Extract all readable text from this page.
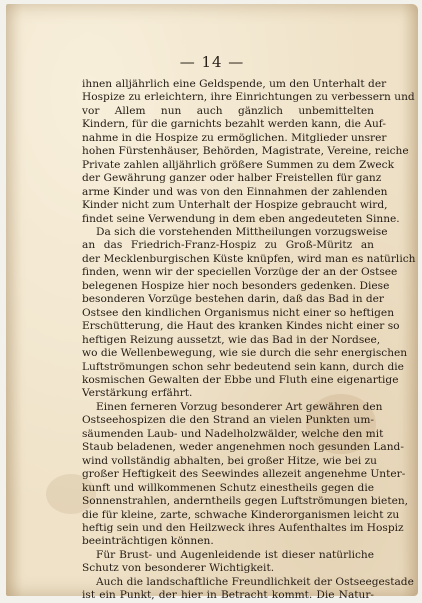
— 14 —
ihnen alljährlich eine Geldspende, um den Unterhalt der
Hospize zu erleichtern, ihre Einrichtungen zu verbessern und
vor Allem nun auch gänzlich unbemittelten
Kindern, für die garnichts bezahlt werden kann, die Auf-
nahme in die Hospize zu ermöglichen. Mitglieder unsrer
hohen Fürstenhäuser, Behörden, Magistrate, Vereine, reiche
Private zahlen alljährlich größere Summen zu dem Zweck
der Gewährung ganzer oder halber Freistellen für ganz
arme Kinder und was von den Einnahmen der zahlenden
Kinder nicht zum Unterhalt der Hospize gebraucht wird,
findet seine Verwendung in dem eben angedeuteten Sinne.
Da sich die vorstehenden Mittheilungen vorzugsweise
an das Friedrich-Franz-Hospiz zu Groß-Müritz an
der Mecklenburgischen Küste knüpfen, wird man es natürlich
finden, wenn wir der speciellen Vorzüge der an der Ostsee
belegenen Hospize hier noch besonders gedenken. Diese
besonderen Vorzüge bestehen darin, daß das Bad in der
Ostsee den kindlichen Organismus nicht einer so heftigen
Erschütterung, die Haut des kranken Kindes nicht einer so
heftigen Reizung aussetzt, wie das Bad in der Nordsee,
wo die Wellenbewegung, wie sie durch die sehr energischen
Luftströmungen schon sehr bedeutend sein kann, durch die
kosmischen Gewalten der Ebbe und Fluth eine eigenartige
Verstärkung erfährt.
Einen ferneren Vorzug besonderer Art gewähren den
Ostseehospizen die den Strand an vielen Punkten um-
säumenden Laub- und Nadelholzwälder, welche den mit
Staub beladenen, weder angenehmen noch gesunden Land-
wind vollständig abhalten, bei großer Hitze, wie bei zu
großer Heftigkeit des Seewindes allezeit angenehme Unter-
kunft und willkommenen Schutz einestheils gegen die
Sonnenstrahlen, anderntheils gegen Luftströmungen bieten,
die für kleine, zarte, schwache Kinderorganismen leicht zu
heftig sein und den Heilzweck ihres Aufenthaltes im Hospiz
beeinträchtigen können.
Für Brust- und Augenleidende ist dieser natürliche
Schutz von besonderer Wichtigkeit.
Auch die landschaftliche Freundlichkeit der Ostseegestade
ist ein Punkt, der hier in Betracht kommt. Die Natur-
